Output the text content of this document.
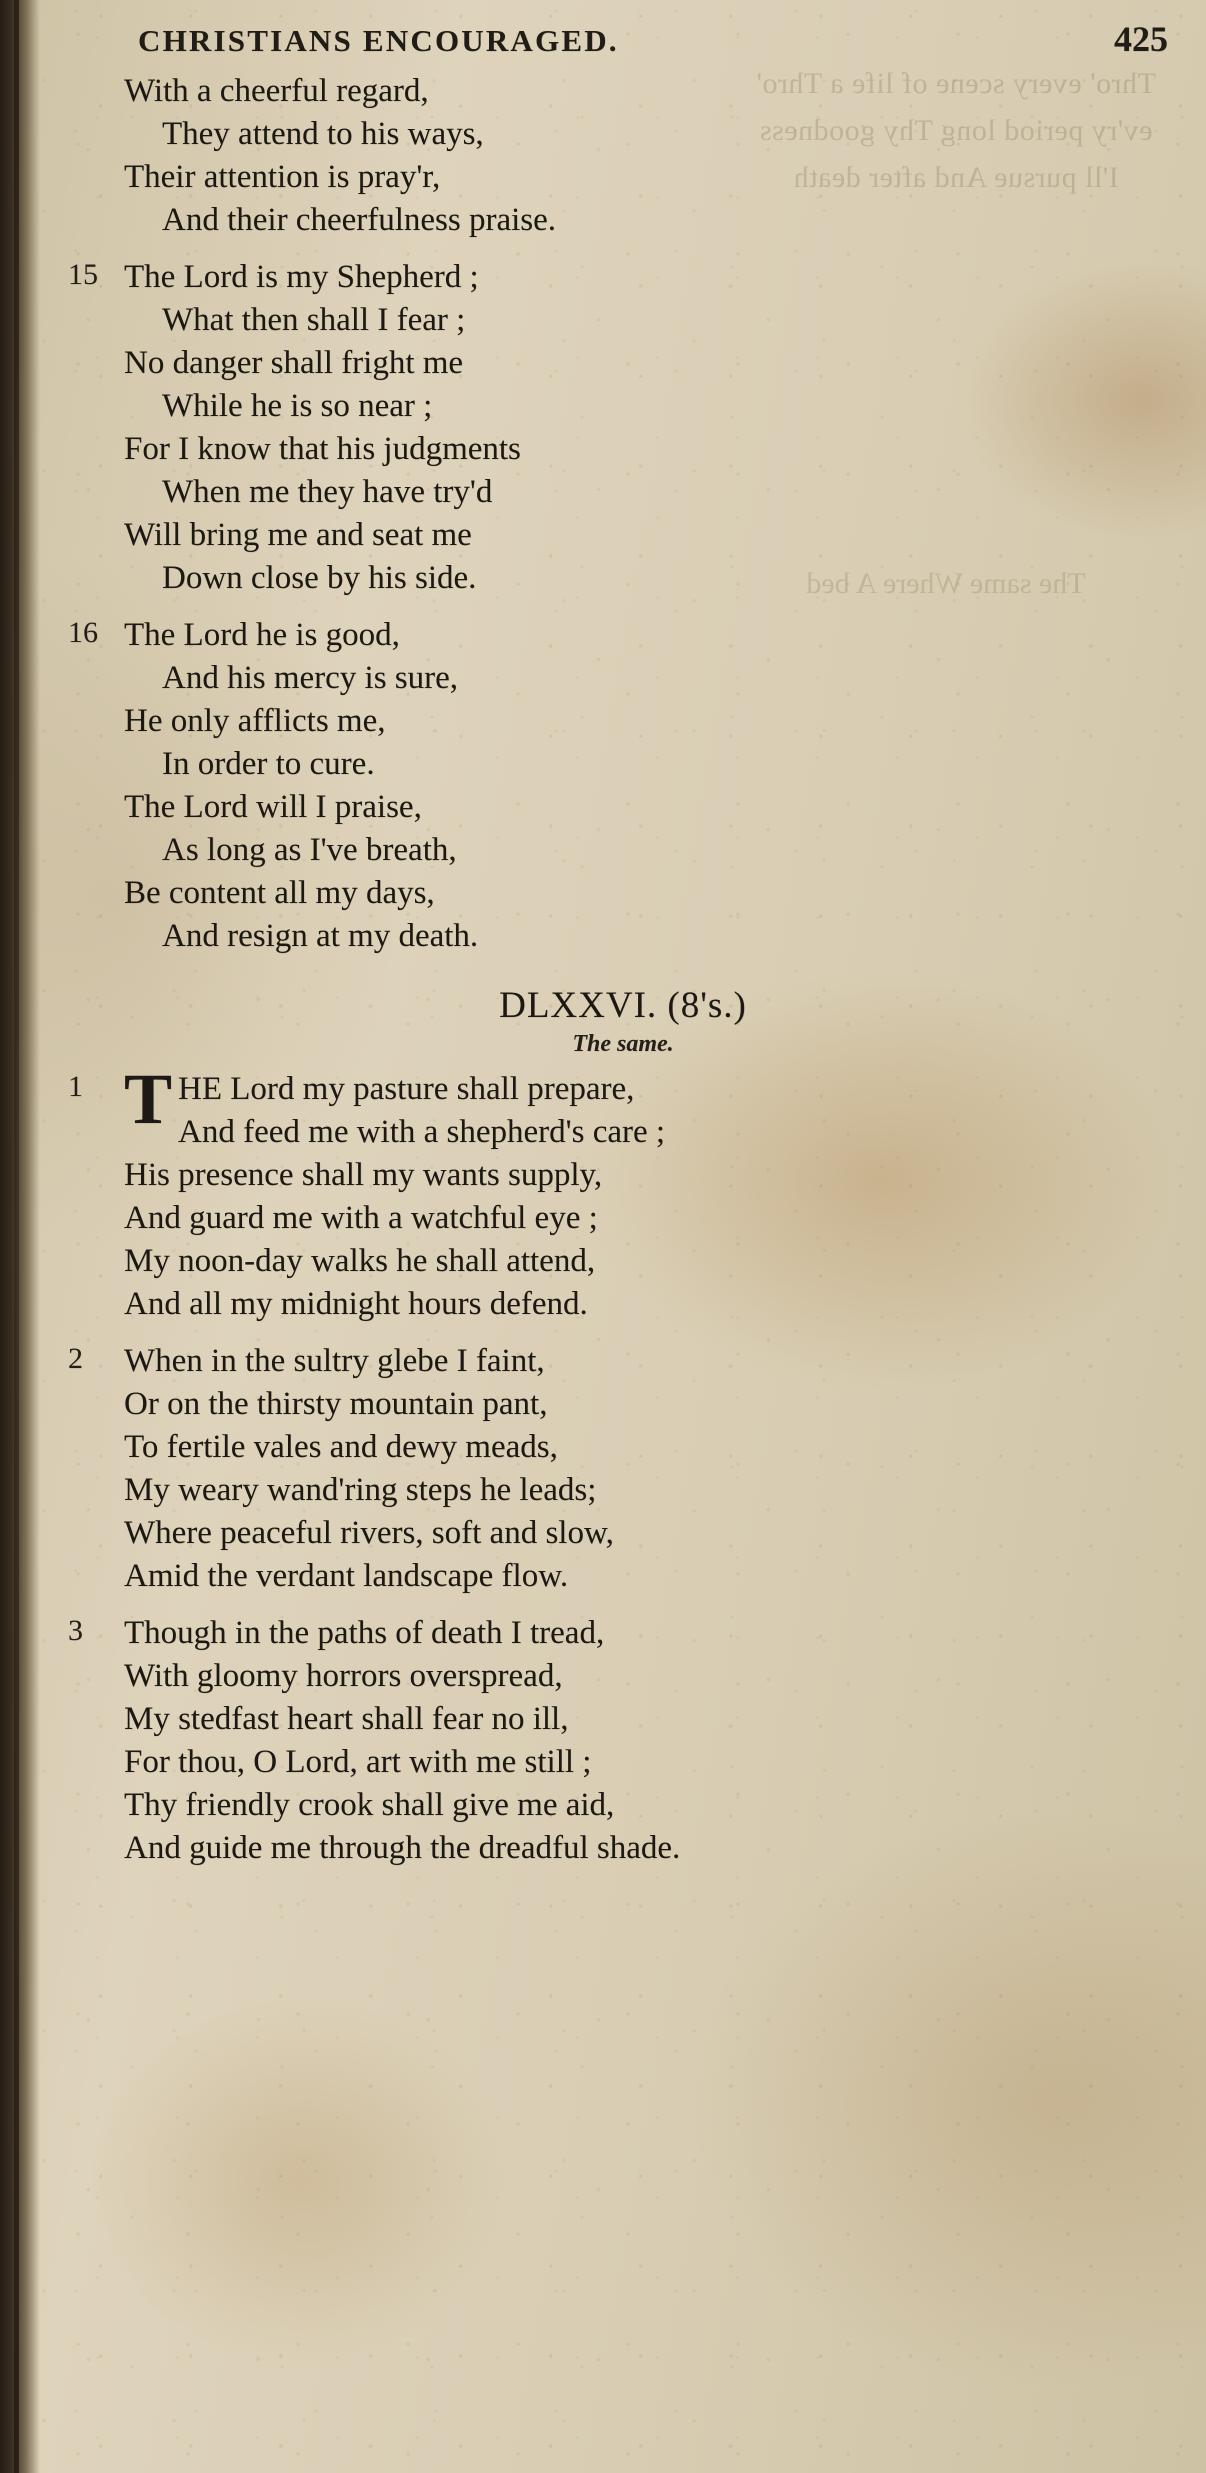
Thro' every scene of life a Thro' ev'ry period long Thy goodness I'll pursue And after death
The same Where A bed
CHRISTIANS ENCOURAGED.	425
With a cheerful regard,
They attend to his ways,
Their attention is pray'r,
And their cheerfulness praise.
15 The Lord is my Shepherd ;
What then shall I fear ;
No danger shall fright me
While he is so near ;
For I know that his judgments
When me they have try'd
Will bring me and seat me
Down close by his side.
16 The Lord he is good,
And his mercy is sure,
He only afflicts me,
In order to cure.
The Lord will I praise,
As long as I've breath,
Be content all my days,
And resign at my death.
DLXXVI. (8's.)
The same.
1 T HE Lord my pasture shall prepare,
And feed me with a shepherd's care ;
His presence shall my wants supply,
And guard me with a watchful eye ;
My noon-day walks he shall attend,
And all my midnight hours defend.
2	When in the sultry glebe I faint,
Or on the thirsty mountain pant,
To fertile vales and dewy meads,
My weary wand'ring steps he leads;
Where peaceful rivers, soft and slow,
Amid the verdant landscape flow.
3	Though in the paths of death I tread,
With gloomy horrors overspread,
My stedfast heart shall fear no ill,
For thou, O Lord, art with me still ;
Thy friendly crook shall give me aid,
And guide me through the dreadful shade.
